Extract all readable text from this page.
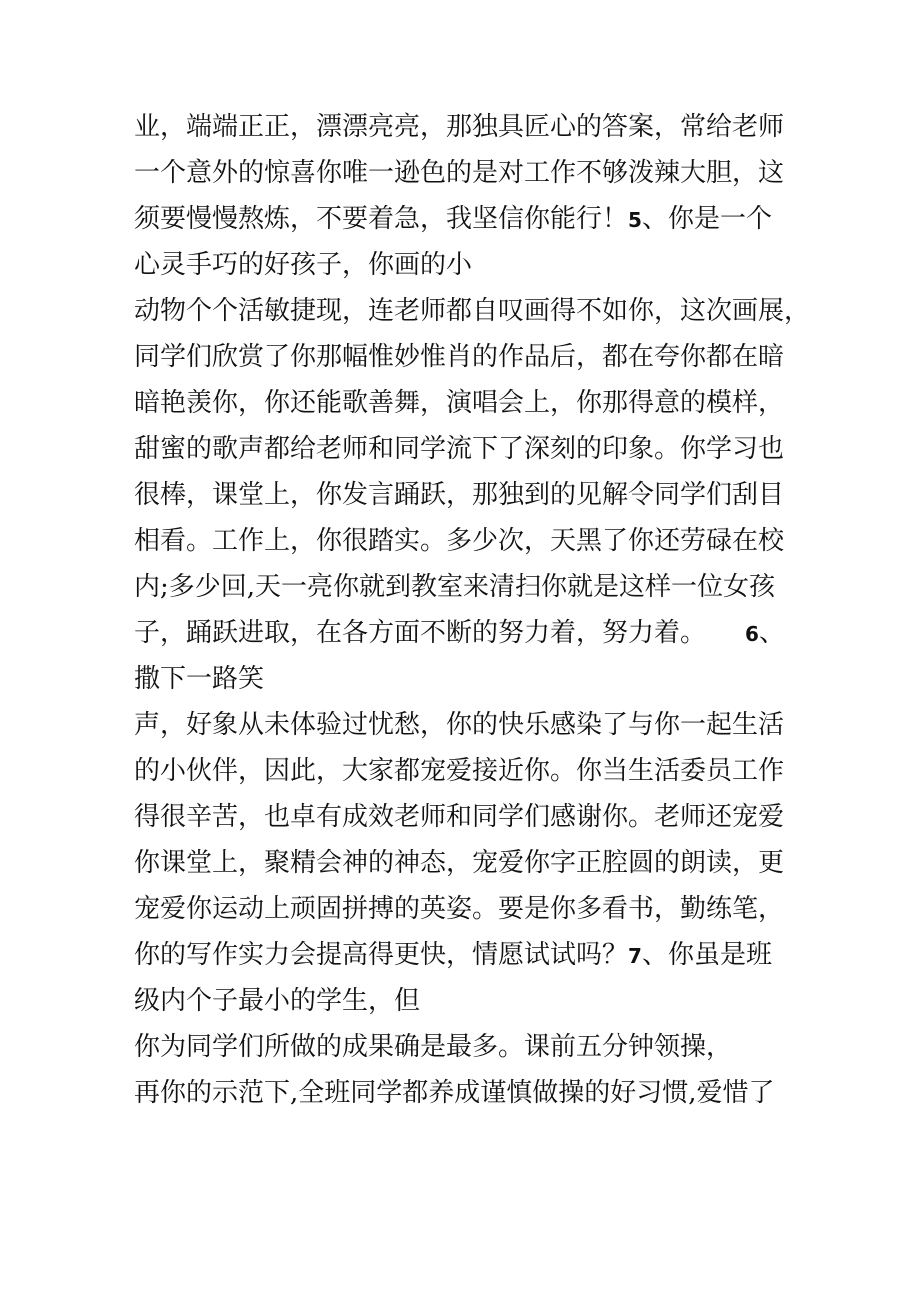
业，端端正正，漂漂亮亮，那独具匠心的答案，常给老师
一个意外的惊喜你唯一逊色的是对工作不够泼辣大胆，这
须要慢慢熬炼，不要着急，我坚信你能行！5、你是一个
心灵手巧的好孩子，你画的小
动物个个活敏捷现，连老师都自叹画得不如你，这次画展，
同学们欣赏了你那幅惟妙惟肖的作品后，都在夸你都在暗
暗艳羡你，你还能歌善舞，演唱会上，你那得意的模样，
甜蜜的歌声都给老师和同学流下了深刻的印象。你学习也
很棒，课堂上，你发言踊跃，那独到的见解令同学们刮目
相看。工作上，你很踏实。多少次，天黑了你还劳碌在校
内;多少回,天一亮你就到教室来清扫你就是这样一位女孩
子，踊跃进取，在各方面不断的努力着，努力着。　　6、
撒下一路笑
声，好象从未体验过忧愁，你的快乐感染了与你一起生活
的小伙伴，因此，大家都宠爱接近你。你当生活委员工作
得很辛苦，也卓有成效老师和同学们感谢你。老师还宠爱
你课堂上，聚精会神的神态，宠爱你字正腔圆的朗读，更
宠爱你运动上顽固拼搏的英姿。要是你多看书，勤练笔，
你的写作实力会提高得更快，情愿试试吗？7、你虽是班
级内个子最小的学生，但
你为同学们所做的成果确是最多。课前五分钟领操，
再你的示范下,全班同学都养成谨慎做操的好习惯,爱惜了
